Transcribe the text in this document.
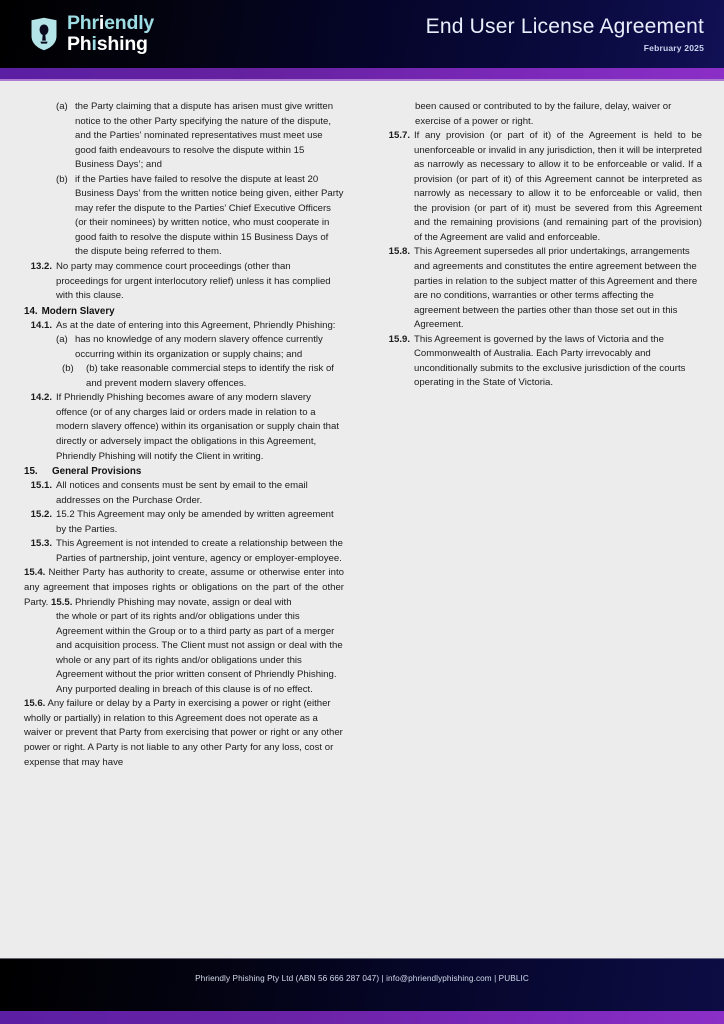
Phriendly
Phishing
End User License Agreement
February 2025
(a) the Party claiming that a dispute has arisen must give written notice to the other Party specifying the nature of the dispute, and the Parties’ nominated representatives must meet use good faith endeavours to resolve the dispute within 15 Business Days’; and
(b) if the Parties have failed to resolve the dispute at least 20 Business Days’ from the written notice being given, either Party may refer the dispute to the Parties’ Chief Executive Officers (or their nominees) by written notice, who must cooperate in good faith to resolve the dispute within 15 Business Days of the dispute being referred to them.
13.2. No party may commence court proceedings (other than proceedings for urgent interlocutory relief) unless it has complied with this clause.
14. Modern Slavery
14.1. As at the date of entering into this Agreement, Phriendly Phishing:
(a) has no knowledge of any modern slavery offence currently occurring within its organization or supply chains; and
(b)	(b) take reasonable commercial steps to identify the risk of and prevent modern slavery offences.
14.2. If Phriendly Phishing becomes aware of any modern slavery offence (or of any charges laid or orders made in relation to a modern slavery offence) within its organisation or supply chain that directly or adversely impact the obligations in this Agreement, Phriendly Phishing will notify the Client in writing.
15.	General Provisions
15.1. All notices and consents must be sent by email to the email addresses on the Purchase Order.
15.2. 15.2 This Agreement may only be amended by written agreement by the Parties.
15.3. This Agreement is not intended to create a relationship between the Parties of partnership, joint venture, agency or employer-employee.
15.4. Neither Party has authority to create, assume or otherwise enter into any agreement that imposes rights or obligations on the part of the other Party. 15.5. Phriendly Phishing may novate, assign or deal with
the whole or part of its rights and/or obligations under this Agreement within the Group or to a third party as part of a merger and acquisition process. The Client must not assign or deal with the whole or any part of its rights and/or obligations under this Agreement without the prior written consent of Phriendly Phishing. Any purported dealing in breach of this clause is of no effect.
15.6. Any failure or delay by a Party in exercising a power or right (either wholly or partially) in relation to this Agreement does not operate as a waiver or prevent that Party from exercising that power or right or any other power or right. A Party is not liable to any other Party for any loss, cost or expense that may have
been caused or contributed to by the failure, delay, waiver or exercise of a power or right.
15.7. If any provision (or part of it) of the Agreement is held to be unenforceable or invalid in any jurisdiction, then it will be interpreted as narrowly as necessary to allow it to be enforceable or valid. If a provision (or part of it) of this Agreement cannot be interpreted as narrowly as necessary to allow it to be enforceable or valid, then the provision (or part of it) must be severed from this Agreement and the remaining provisions (and remaining part of the provision) of the Agreement are valid and enforceable.
15.8. This Agreement supersedes all prior undertakings, arrangements and agreements and constitutes the entire agreement between the parties in relation to the subject matter of this Agreement and there are no conditions, warranties or other terms affecting the agreement between the parties other than those set out in this Agreement.
15.9. This Agreement is governed by the laws of Victoria and the Commonwealth of Australia. Each Party irrevocably and unconditionally submits to the exclusive jurisdiction of the courts operating in the State of Victoria.
Phriendly Phishing Pty Ltd (ABN 56 666 287 047) | info@phriendlyphishing.com | PUBLIC
